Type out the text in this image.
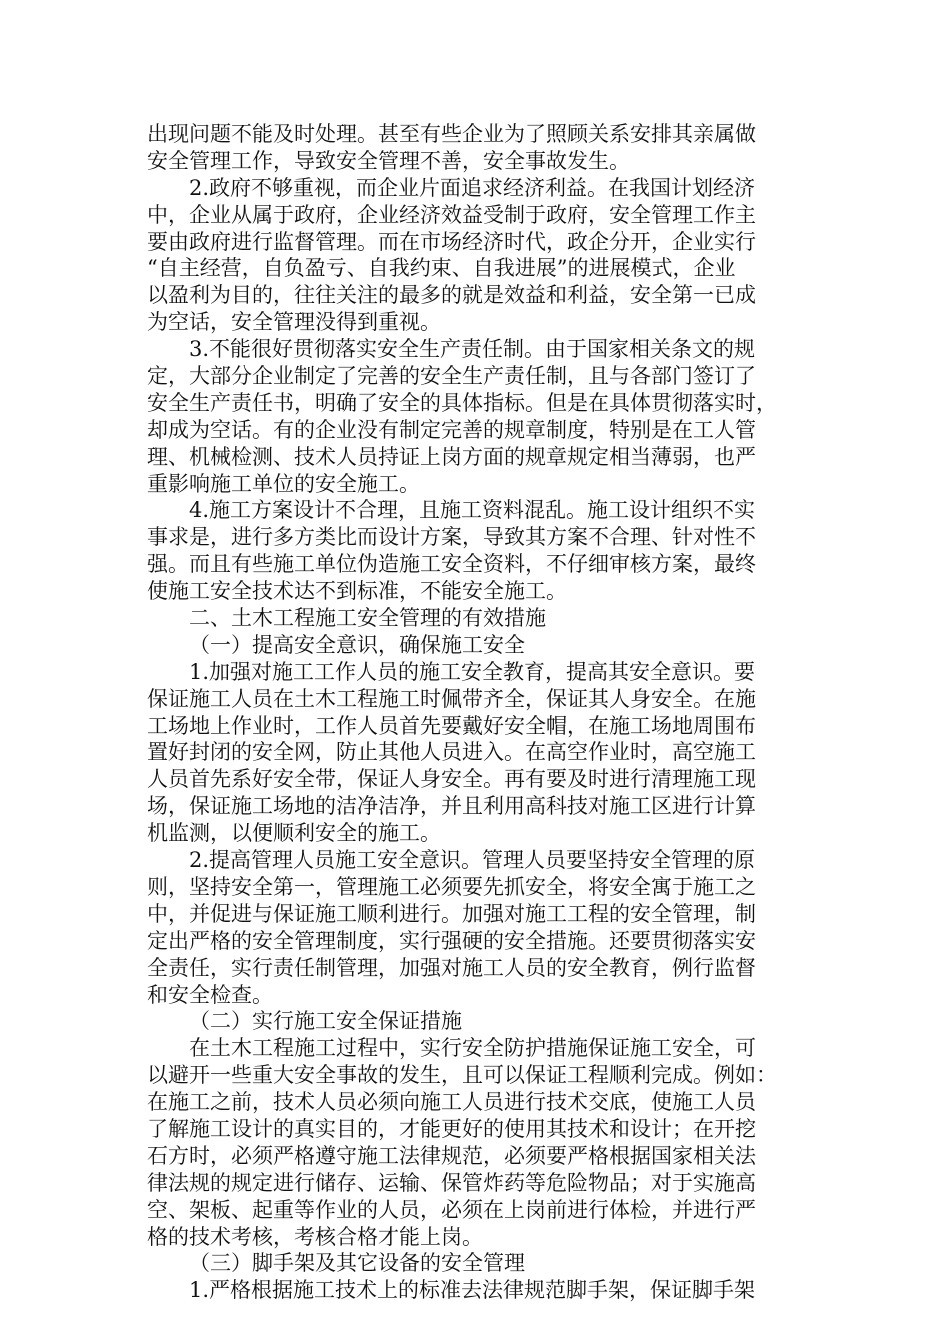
出现问题不能及时处理。甚至有些企业为了照顾关系安排其亲属做
安全管理工作，导致安全管理不善，安全事故发生。
2.政府不够重视，而企业片面追求经济利益。在我国计划经济
中，企业从属于政府，企业经济效益受制于政府，安全管理工作主
要由政府进行监督管理。而在市场经济时代，政企分开，企业实行
“自主经营，自负盈亏、自我约束、自我进展”的进展模式，企业
以盈利为目的，往往关注的最多的就是效益和利益，安全第一已成
为空话，安全管理没得到重视。
3.不能很好贯彻落实安全生产责任制。由于国家相关条文的规
定，大部分企业制定了完善的安全生产责任制，且与各部门签订了
安全生产责任书，明确了安全的具体指标。但是在具体贯彻落实时，
却成为空话。有的企业没有制定完善的规章制度，特别是在工人管
理、机械检测、技术人员持证上岗方面的规章规定相当薄弱，也严
重影响施工单位的安全施工。
4.施工方案设计不合理，且施工资料混乱。施工设计组织不实
事求是，进行多方类比而设计方案，导致其方案不合理、针对性不
强。而且有些施工单位伪造施工安全资料，不仔细审核方案，最终
使施工安全技术达不到标准，不能安全施工。
二、土木工程施工安全管理的有效措施
（一）提高安全意识，确保施工安全
1.加强对施工工作人员的施工安全教育，提高其安全意识。要
保证施工人员在土木工程施工时佩带齐全，保证其人身安全。在施
工场地上作业时，工作人员首先要戴好安全帽，在施工场地周围布
置好封闭的安全网，防止其他人员进入。在高空作业时，高空施工
人员首先系好安全带，保证人身安全。再有要及时进行清理施工现
场，保证施工场地的洁净洁净，并且利用高科技对施工区进行计算
机监测，以便顺利安全的施工。
2.提高管理人员施工安全意识。管理人员要坚持安全管理的原
则，坚持安全第一，管理施工必须要先抓安全，将安全寓于施工之
中，并促进与保证施工顺利进行。加强对施工工程的安全管理，制
定出严格的安全管理制度，实行强硬的安全措施。还要贯彻落实安
全责任，实行责任制管理，加强对施工人员的安全教育，例行监督
和安全检查。
（二）实行施工安全保证措施
在土木工程施工过程中，实行安全防护措施保证施工安全，可
以避开一些重大安全事故的发生，且可以保证工程顺利完成。例如：
在施工之前，技术人员必须向施工人员进行技术交底，使施工人员
了解施工设计的真实目的，才能更好的使用其技术和设计；在开挖
石方时，必须严格遵守施工法律规范，必须要严格根据国家相关法
律法规的规定进行储存、运输、保管炸药等危险物品；对于实施高
空、架板、起重等作业的人员，必须在上岗前进行体检，并进行严
格的技术考核，考核合格才能上岗。
（三）脚手架及其它设备的安全管理
1.严格根据施工技术上的标准去法律规范脚手架，保证脚手架
